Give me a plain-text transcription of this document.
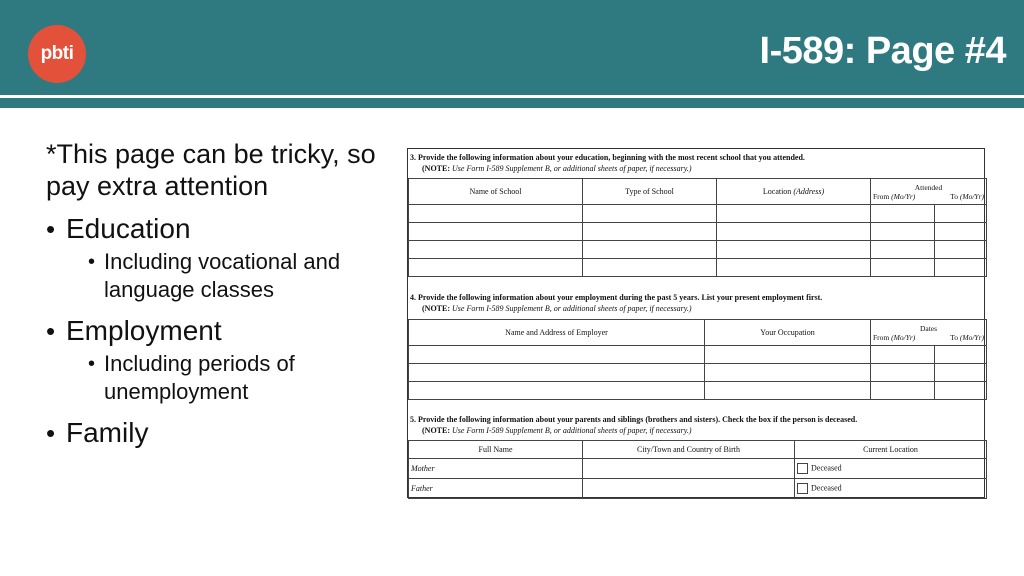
pbti	I-589: Page #4
*This page can be tricky, so pay extra attention
• Education
• Including vocational and language classes
• Employment
• Including periods of unemployment
• Family
3. Provide the following information about your education, beginning with the most recent school that you attended.
(NOTE: Use Form I-589 Supplement B, or additional sheets of paper, if necessary.)
Name of School	Type of School	Location (Address)	Attended
From (Mo/Yr) To (Mo/Yr)	

4. Provide the following information about your employment during the past 5 years. List your present employment first.
(NOTE: Use Form I-589 Supplement B, or additional sheets of paper, if necessary.)
Name and Address of Employer	Your Occupation	Dates
From (Mo/Yr) To (Mo/Yr)	

5. Provide the following information about your parents and siblings (brothers and sisters). Check the box if the person is deceased.
(NOTE: Use Form I-589 Supplement B, or additional sheets of paper, if necessary.)
Full Name	City/Town and Country of Birth	Current Location
Mother		Deceased
Father		Deceased
